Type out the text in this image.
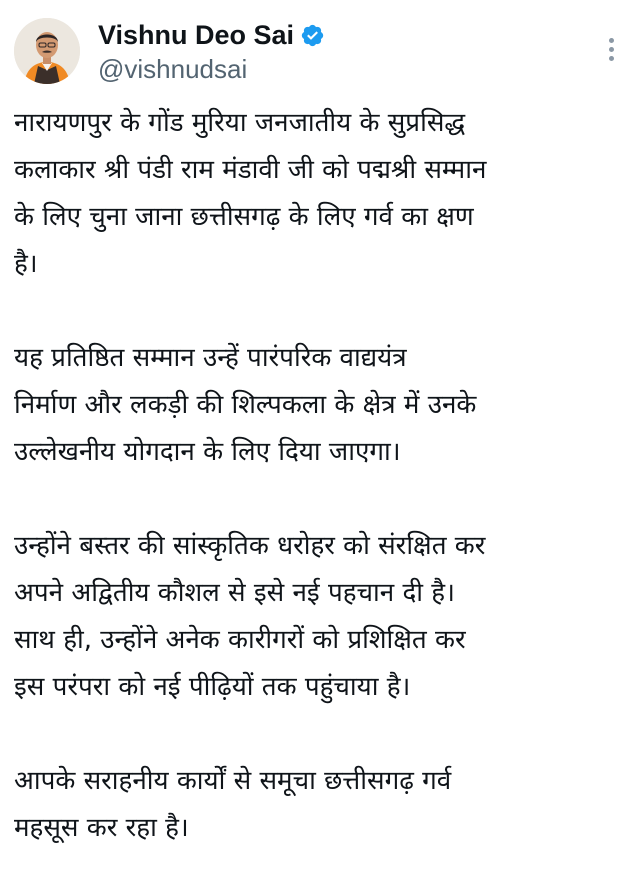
Vishnu Deo Sai
@vishnudsai

नारायणपुर के गोंड मुरिया जनजातीय के सुप्रसिद्ध
कलाकार श्री पंडी राम मंडावी जी को पद्मश्री सम्मान
के लिए चुना जाना छत्तीसगढ़ के लिए गर्व का क्षण
है।

यह प्रतिष्ठित सम्मान उन्हें पारंपरिक वाद्ययंत्र
निर्माण और लकड़ी की शिल्पकला के क्षेत्र में उनके
उल्लेखनीय योगदान के लिए दिया जाएगा।

उन्होंने बस्तर की सांस्कृतिक धरोहर को संरक्षित कर
अपने अद्वितीय कौशल से इसे नई पहचान दी है।
साथ ही, उन्होंने अनेक कारीगरों को प्रशिक्षित कर
इस परंपरा को नई पीढ़ियों तक पहुंचाया है।

आपके सराहनीय कार्यों से समूचा छत्तीसगढ़ गर्व
महसूस कर रहा है।
